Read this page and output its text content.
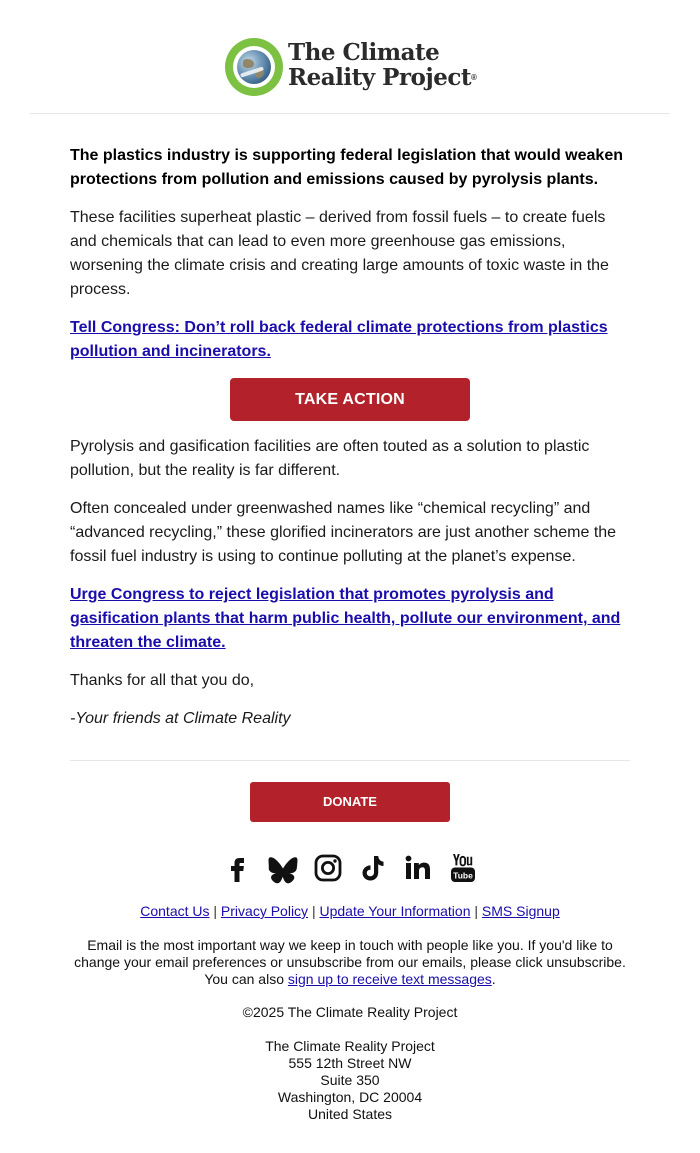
The Climate
Reality Project®

The plastics industry is supporting federal legislation that would weaken protections from pollution and emissions caused by pyrolysis plants.

These facilities superheat plastic – derived from fossil fuels – to create fuels and chemicals that can lead to even more greenhouse gas emissions, worsening the climate crisis and creating large amounts of toxic waste in the process.

Tell Congress: Don’t roll back federal climate protections from plastics pollution and incinerators.

Pyrolysis and gasification facilities are often touted as a solution to plastic pollution, but the reality is far different.

Often concealed under greenwashed names like “chemical recycling” and “advanced recycling,” these glorified incinerators are just another scheme the fossil fuel industry is using to continue polluting at the planet’s expense.

Urge Congress to reject legislation that promotes pyrolysis and gasification plants that harm public health, pollute our environment, and threaten the climate.

Thanks for all that you do,

-Your friends at Climate Reality

TAKE ACTION
DONATE
Tube
Contact Us | Privacy Policy | Update Your Information | SMS Signup
Email is the most important way we keep in touch with people like you. If you'd like to change your email preferences or unsubscribe from our emails, please click unsubscribe. You can also sign up to receive text messages.
©2025 The Climate Reality Project
The Climate Reality Project
555 12th Street NW
Suite 350
Washington, DC 20004
United States
